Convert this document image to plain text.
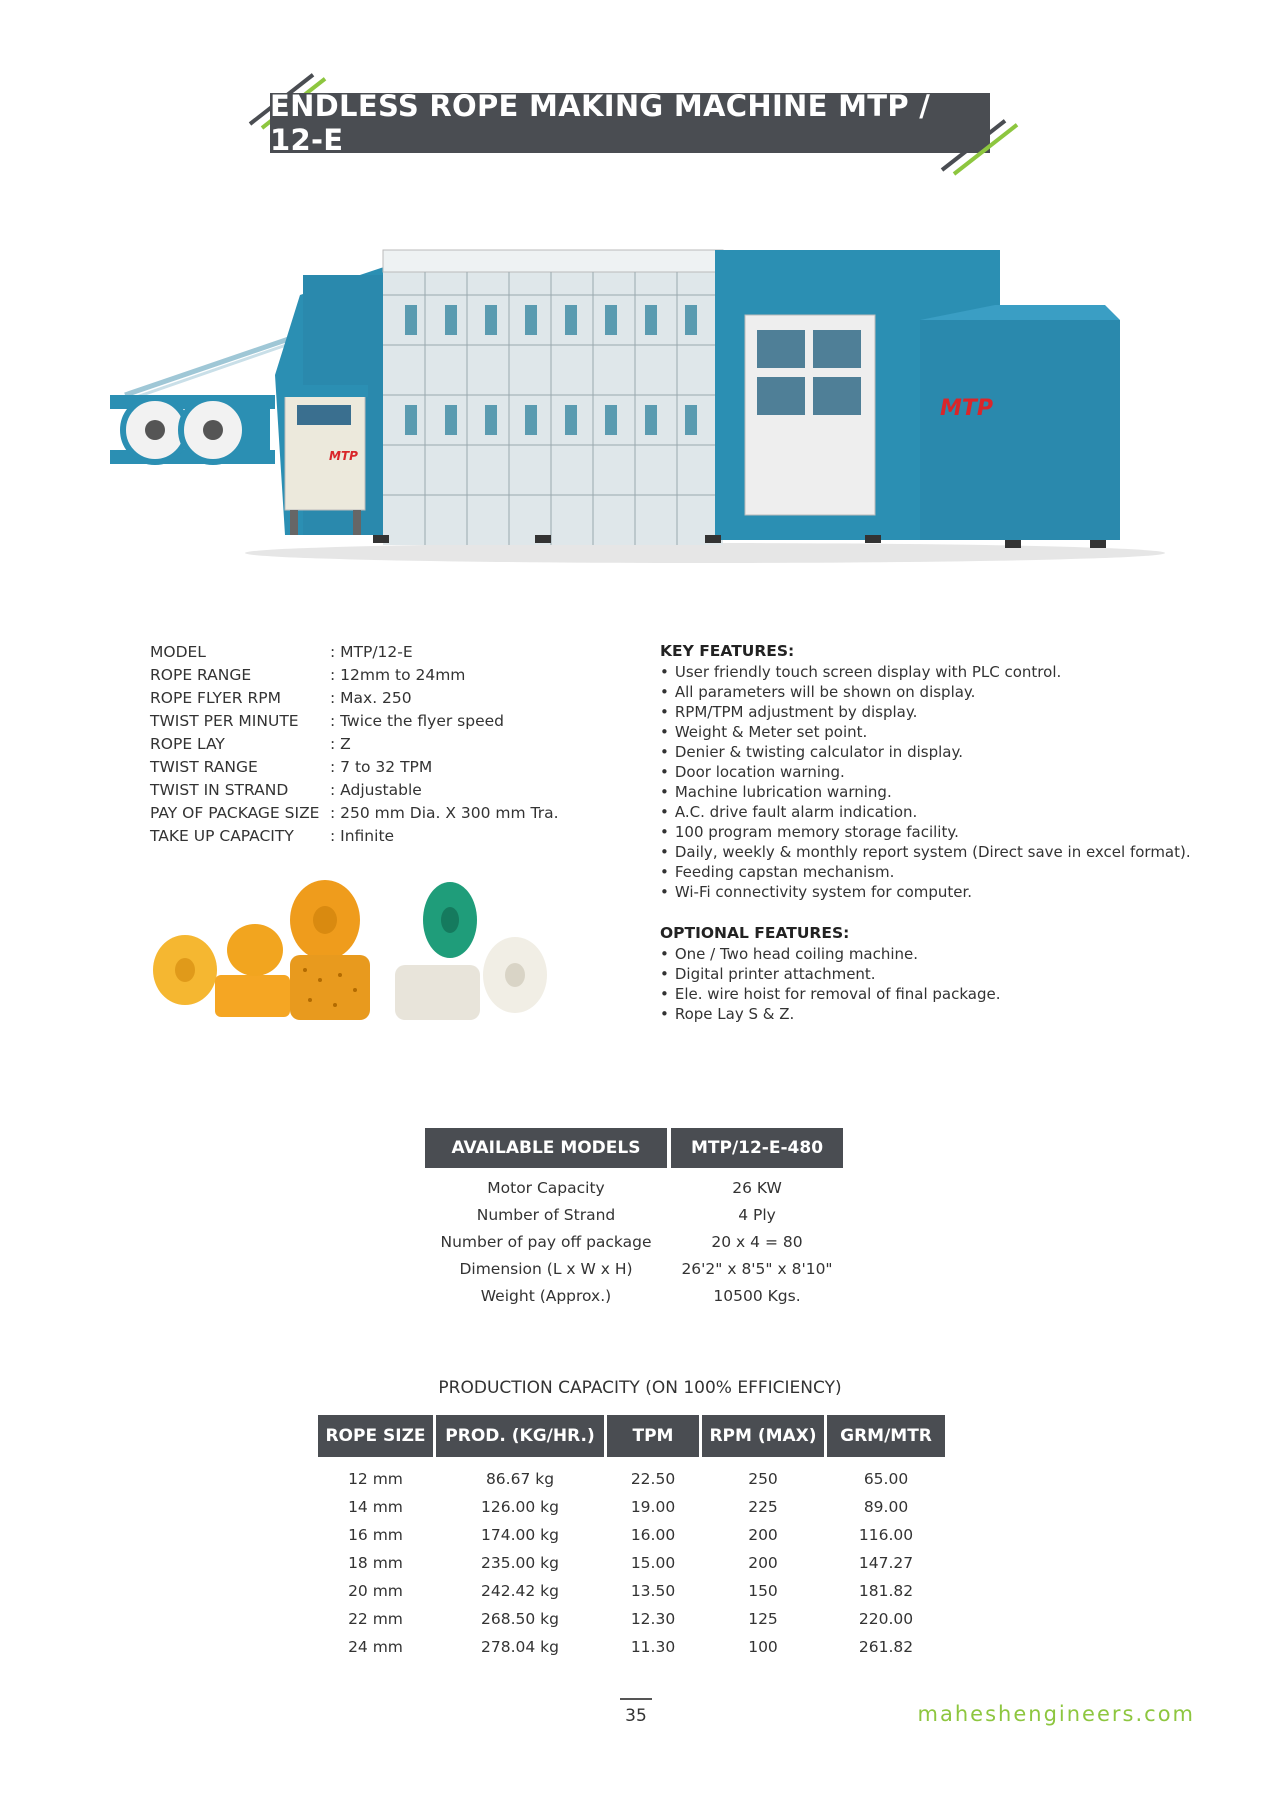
ENDLESS ROPE MAKING MACHINE MTP / 12-E
MTP
MTP
MODEL	: MTP/12-E
ROPE RANGE	: 12mm to 24mm
ROPE FLYER RPM	: Max. 250
TWIST PER MINUTE	: Twice the flyer speed
ROPE LAY	: Z
TWIST RANGE	: 7 to 32 TPM
TWIST IN STRAND	: Adjustable
PAY OF PACKAGE SIZE : 250 mm Dia. X 300 mm Tra.
TAKE UP CAPACITY	: Infinite
KEY FEATURES:
• User friendly touch screen display with PLC control.
• All parameters will be shown on display.
• RPM/TPM adjustment by display.
• Weight & Meter set point.
• Denier & twisting calculator in display.
• Door location warning.
• Machine lubrication warning.
• A.C. drive fault alarm indication.
• 100 program memory storage facility.
• Daily, weekly & monthly report system (Direct save in excel format).
• Feeding capstan mechanism.
• Wi-Fi connectivity system for computer.
OPTIONAL FEATURES:
• One / Two head coiling machine.
• Digital printer attachment.
• Ele. wire hoist for removal of final package.
• Rope Lay S & Z.
AVAILABLE MODELS	MTP/12-E-480
Motor Capacity	26 KW
Number of Strand	4 Ply
Number of pay off package	20 x 4 = 80
Dimension (L x W x H)	26'2" x 8'5" x 8'10"
Weight (Approx.)	10500 Kgs.
PRODUCTION CAPACITY (ON 100% EFFICIENCY)
ROPE SIZE	PROD. (KG/HR.)	TPM	RPM (MAX)	GRM/MTR
12 mm	86.67 kg	22.50	250	65.00
14 mm	126.00 kg	19.00	225	89.00
16 mm	174.00 kg	16.00	200	116.00
18 mm	235.00 kg	15.00	200	147.27
20 mm	242.42 kg	13.50	150	181.82
22 mm	268.50 kg	12.30	125	220.00
24 mm	278.04 kg	11.30	100	261.82
35	maheshengineers.com
